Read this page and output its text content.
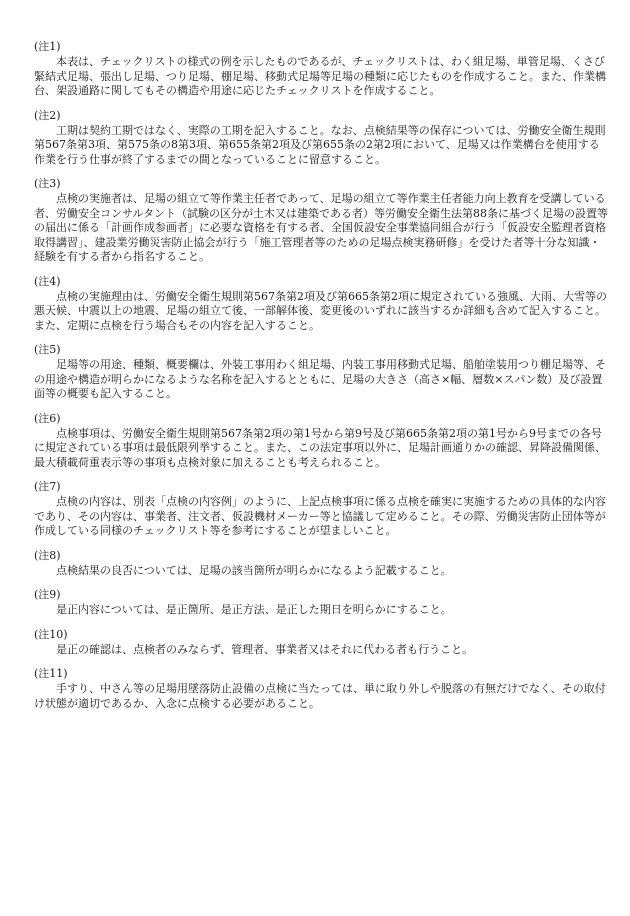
(注1)

本表は、チェックリストの様式の例を示したものであるが、チェックリストは、わく組足場、単管足場、くさび緊結式足場、張出し足場、つり足場、棚足場、移動式足場等足場の種類に応じたものを作成すること。また、作業構台、架設通路に関してもその構造や用途に応じたチェックリストを作成すること。

(注2)

工期は契約工期ではなく、実際の工期を記入すること。なお、点検結果等の保存については、労働安全衛生規則第567条第3項、第575条の8第3項、第655条第2項及び第655条の2第2項において、足場又は作業構台を使用する作業を行う仕事が終了するまでの間となっていることに留意すること。

(注3)

点検の実施者は、足場の組立て等作業主任者であって、足場の組立て等作業主任者能力向上教育を受講している者、労働安全コンサルタント（試験の区分が土木又は建築である者）等労働安全衛生法第88条に基づく足場の設置等の届出に係る「計画作成参画者」に必要な資格を有する者、全国仮設安全事業協同組合が行う「仮設安全監理者資格取得講習」、建設業労働災害防止協会が行う「施工管理者等のための足場点検実務研修」を受けた者等十分な知識・経験を有する者から指名すること。

(注4)

点検の実施理由は、労働安全衛生規則第567条第2項及び第665条第2項に規定されている強風、大雨、大雪等の悪天候、中震以上の地震、足場の組立て後、一部解体後、変更後のいずれに該当するか詳細も含めて記入すること。また、定期に点検を行う場合もその内容を記入すること。

(注5)

足場等の用途、種類、概要欄は、外装工事用わく組足場、内装工事用移動式足場、船舶塗装用つり棚足場等、その用途や構造が明らかになるような名称を記入するとともに、足場の大きさ（高さ×幅、層数×スパン数）及び設置面等の概要も記入すること。

(注6)

点検事項は、労働安全衛生規則第567条第2項の第1号から第9号及び第665条第2項の第1号から9号までの各号に規定されている事項は最低限列挙すること。また、この法定事項以外に、足場計画通りかの確認、昇降設備関係、最大積載荷重表示等の事項も点検対象に加えることも考えられること。

(注7)

点検の内容は、別表「点検の内容例」のように、上記点検事項に係る点検を確実に実施するための具体的な内容であり、その内容は、事業者、注文者、仮設機材メーカー等と協議して定めること。その際、労働災害防止団体等が作成している同様のチェックリスト等を参考にすることが望ましいこと。

(注8)

点検結果の良否については、足場の該当箇所が明らかになるよう記載すること。

(注9)

是正内容については、是正箇所、是正方法、是正した期日を明らかにすること。

(注10)

是正の確認は、点検者のみならず、管理者、事業者又はそれに代わる者も行うこと。

(注11)

手すり、中さん等の足場用墜落防止設備の点検に当たっては、単に取り外しや脱落の有無だけでなく、その取付け状態が適切であるか、入念に点検する必要があること。
